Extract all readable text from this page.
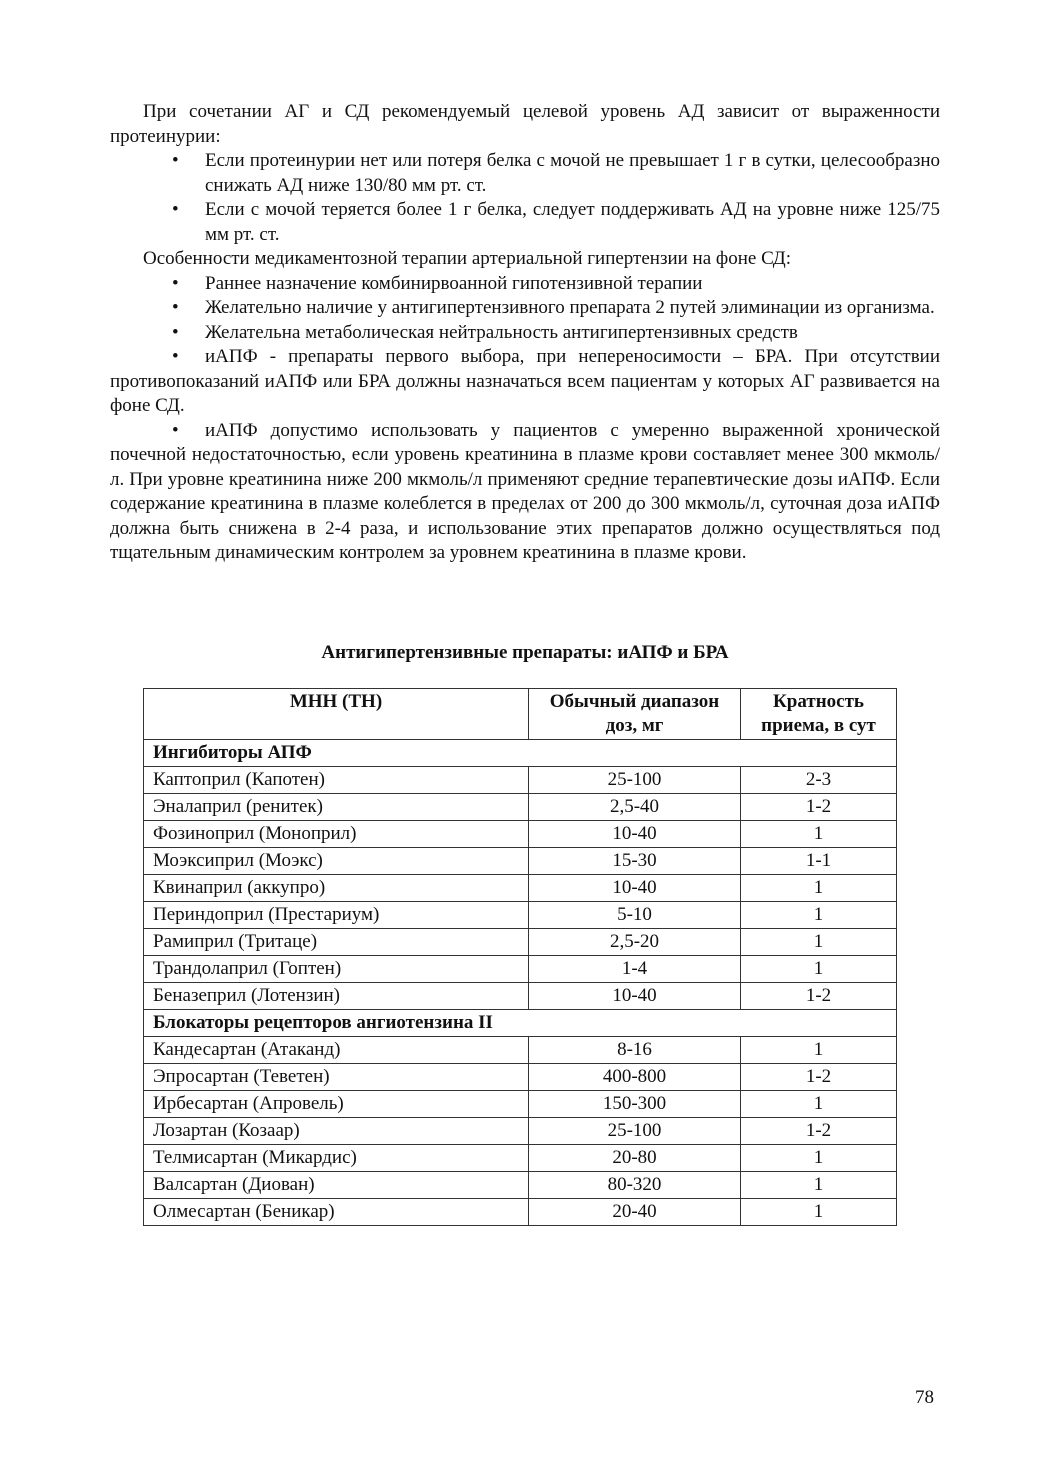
При сочетании АГ и СД рекомендуемый целевой уровень АД зависит от выраженности протеинурии:

• Если протеинурии нет или потеря белка с мочой не превышает 1 г в сутки, целесообразно снижать АД ниже 130/80 мм рт. ст.

• Если с мочой теряется более 1 г белка, следует поддерживать АД на уровне ниже 125/75 мм рт. ст.

Особенности медикаментозной терапии артериальной гипертензии на фоне СД:

• Раннее назначение комбинирвоанной гипотензивной терапии

• Желательно наличие у антигипертензивного препарата 2 путей элиминации из организма.

• Желательна метаболическая нейтральность антигипертензивных средств

• иАПФ - препараты первого выбора, при непереносимости – БРА. При отсутствии противопоказаний иАПФ или БРА должны назначаться всем пациентам у которых АГ развивается на фоне СД.

• иАПФ допустимо использовать у пациентов с умеренно выраженной хронической почечной недостаточностью, если уровень креатинина в плазме крови составляет менее 300 мкмоль/л. При уровне креатинина ниже 200 мкмоль/л применяют средние терапевтические дозы иАПФ. Если содержание креатинина в плазме колеблется в пределах от 200 до 300 мкмоль/л, суточная доза иАПФ должна быть снижена в 2-4 раза, и использование этих препаратов должно осуществляться под тщательным динамическим контролем за уровнем креатинина в плазме крови.

Антигипертензивные препараты: иАПФ и БРА
МНН (ТН)	Обычный диапазон доз, мг	Кратность приема, в сут
Ингибиторы АПФ		
Каптоприл (Капотен)	25-100	2-3
Эналаприл (ренитек)	2,5-40	1-2
Фозиноприл (Моноприл)	10-40	1
Моэксиприл (Моэкс)	15-30	1-1
Квинаприл (аккупро)	10-40	1
Периндоприл (Престариум)	5-10	1
Рамиприл (Тритаце)	2,5-20	1
Трандолаприл (Гоптен)	1-4	1
Беназеприл (Лотензин)	10-40	1-2
Блокаторы рецепторов ангиотензина II		
Кандесартан (Атаканд)	8-16	1
Эпросартан (Теветен)	400-800	1-2
Ирбесартан (Апровель)	150-300	1
Лозартан (Козаар)	25-100	1-2
Телмисартан (Микардис)	20-80	1
Валсартан (Диован)	80-320	1
Олмесартан (Беникар)	20-40	1
78
